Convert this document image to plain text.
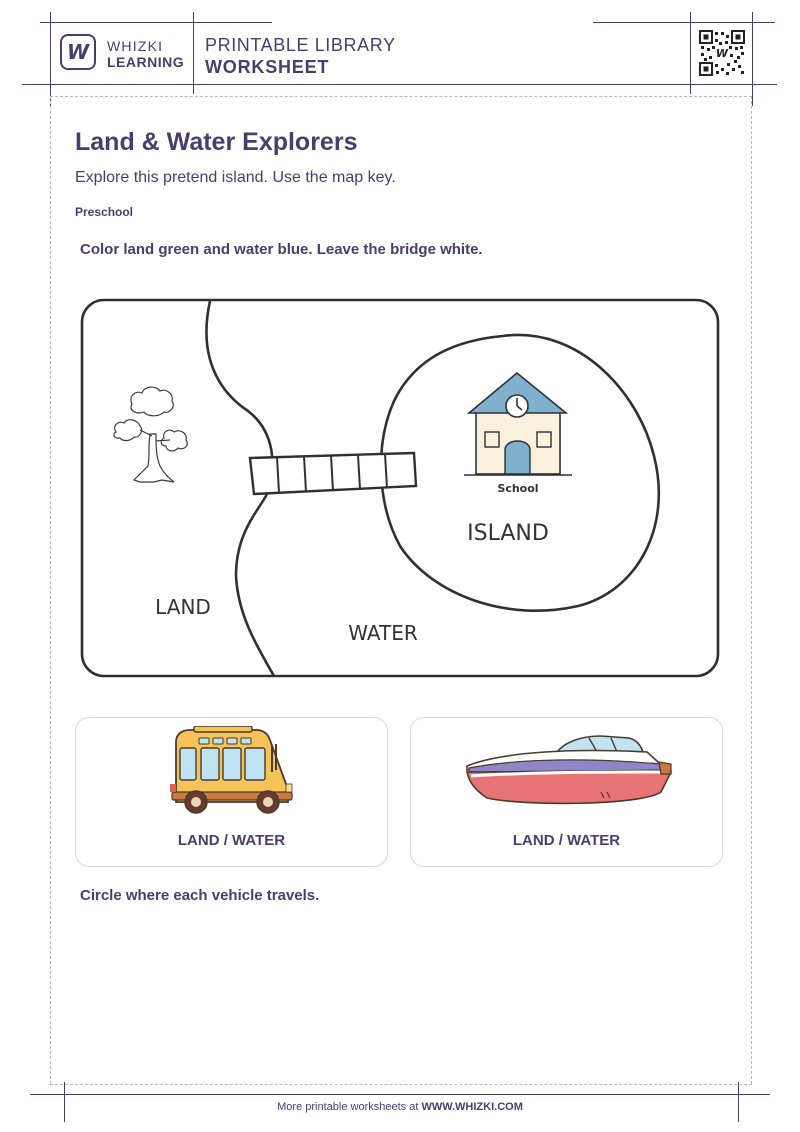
W WHIZKI
LEARNING
PRINTABLE LIBRARY
WORKSHEET
W
Land & Water Explorers
Explore this pretend island. Use the map key.
Preschool
Color land green and water blue. Leave the bridge white.
School
ISLAND
LAND
WATER
LAND / WATER	LAND / WATER
Circle where each vehicle travels.
More printable worksheets at WWW.WHIZKI.COM
